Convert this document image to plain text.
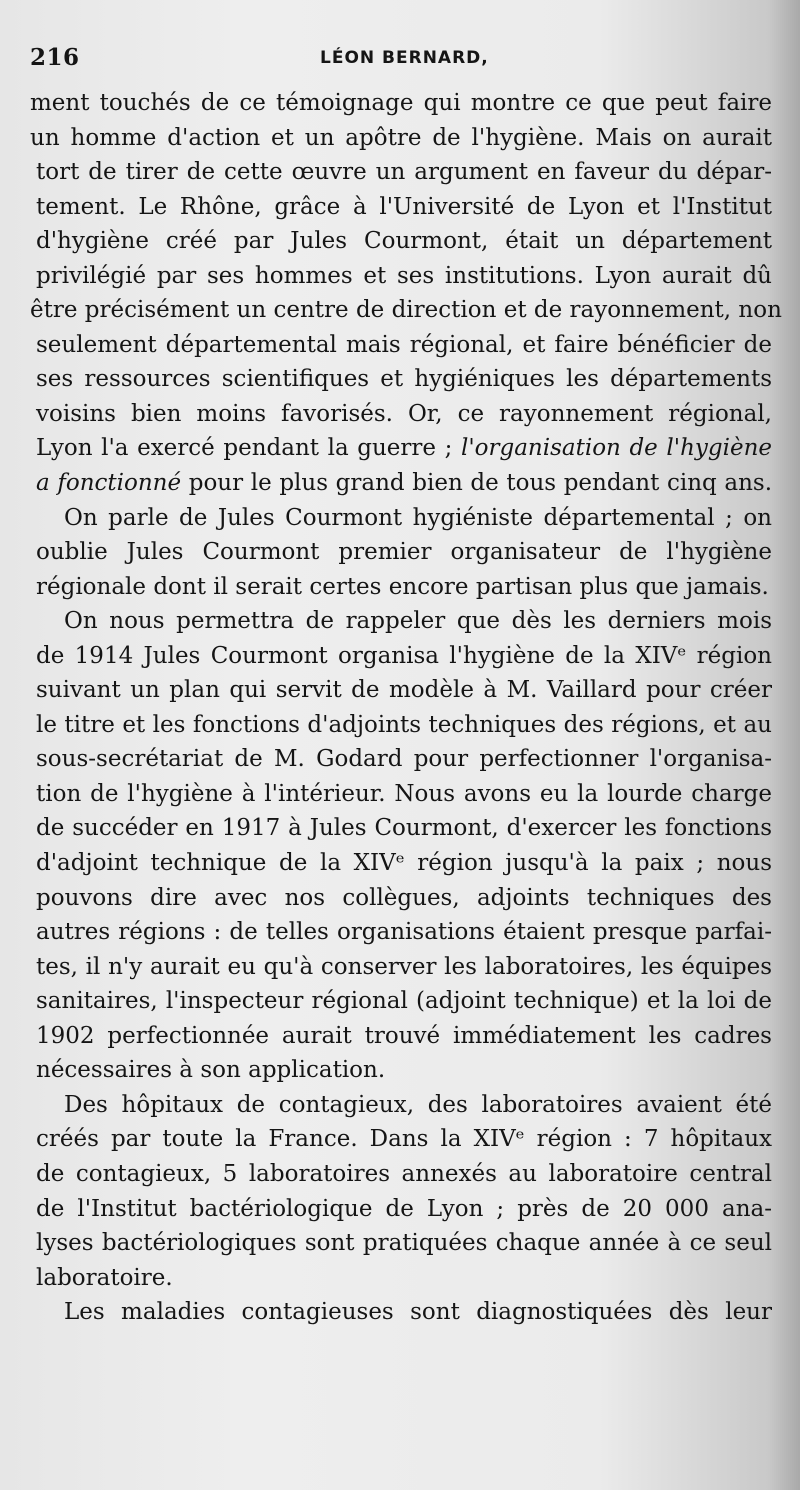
216	LÉON BERNARD,
ment touchés de ce témoignage qui montre ce que peut faire
un homme d'action et un apôtre de l'hygiène. Mais on aurait
tort de tirer de cette œuvre un argument en faveur du dépar-
tement. Le Rhône, grâce à l'Université de Lyon et l'Institut
d'hygiène créé par Jules Courmont, était un département
privilégié par ses hommes et ses institutions. Lyon aurait dû
être précisément un centre de direction et de rayonnement, non
seulement départemental mais régional, et faire bénéficier de
ses ressources scientifiques et hygiéniques les départements
voisins bien moins favorisés. Or, ce rayonnement régional,
Lyon l'a exercé pendant la guerre ; l'organisation de l'hygiène
a fonctionné pour le plus grand bien de tous pendant cinq ans.
On parle de Jules Courmont hygiéniste départemental ; on
oublie Jules Courmont premier organisateur de l'hygiène
régionale dont il serait certes encore partisan plus que jamais.
On nous permettra de rappeler que dès les derniers mois
de 1914 Jules Courmont organisa l'hygiène de la XIVᵉ région
suivant un plan qui servit de modèle à M. Vaillard pour créer
le titre et les fonctions d'adjoints techniques des régions, et au
sous-secrétariat de M. Godard pour perfectionner l'organisa-
tion de l'hygiène à l'intérieur. Nous avons eu la lourde charge
de succéder en 1917 à Jules Courmont, d'exercer les fonctions
d'adjoint technique de la XIVᵉ région jusqu'à la paix ; nous
pouvons dire avec nos collègues, adjoints techniques des
autres régions : de telles organisations étaient presque parfai-
tes, il n'y aurait eu qu'à conserver les laboratoires, les équipes
sanitaires, l'inspecteur régional (adjoint technique) et la loi de
1902 perfectionnée aurait trouvé immédiatement les cadres
nécessaires à son application.
Des hôpitaux de contagieux, des laboratoires avaient été
créés par toute la France. Dans la XIVᵉ région : 7 hôpitaux
de contagieux, 5 laboratoires annexés au laboratoire central
de l'Institut bactériologique de Lyon ; près de 20 000 ana-
lyses bactériologiques sont pratiquées chaque année à ce seul
laboratoire.
Les maladies contagieuses sont diagnostiquées dès leur
